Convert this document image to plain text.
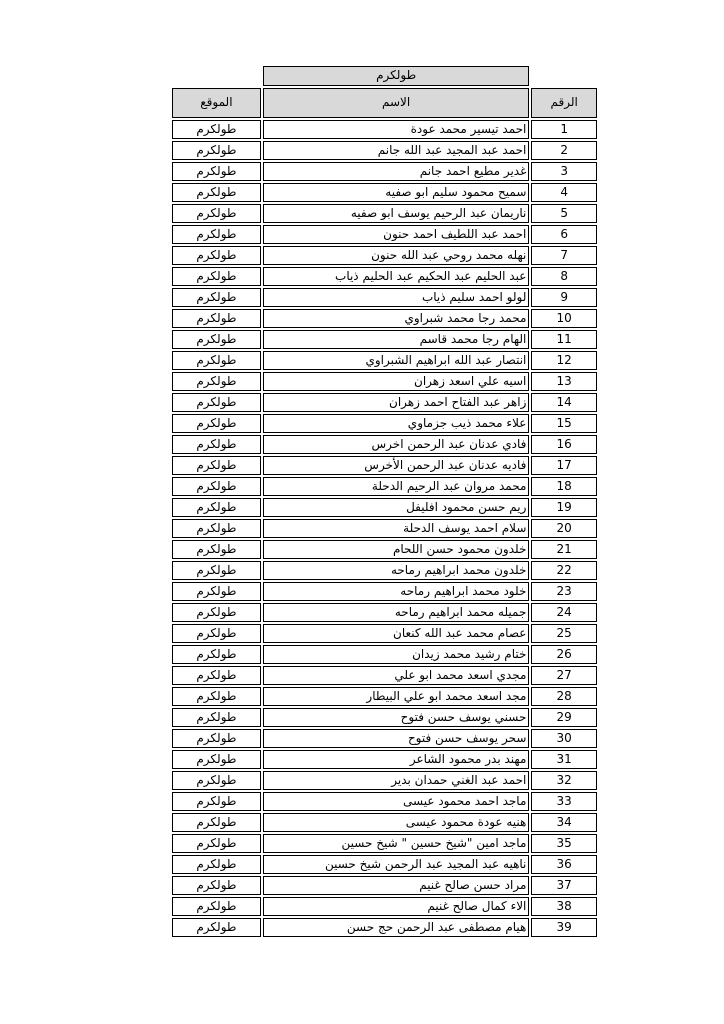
	طولكرم	
الرقم	الاسم	الموقع
1	احمد تيسير محمد عودة	طولكرم
2	احمد عبد المجيد عبد الله جانم	طولكرم
3	غدير مطيع احمد جانم	طولكرم
4	سميح محمود سليم ابو صفيه	طولكرم
5	ناريمان عبد الرحيم يوسف ابو صفيه	طولكرم
6	احمد عبد اللطيف احمد حنون	طولكرم
7	نهله محمد روحي عبد الله حنون	طولكرم
8	عبد الحليم عبد الحكيم عبد الحليم ذياب	طولكرم
9	لولو احمد سليم ذياب	طولكرم
10	محمد رجا محمد شبراوي	طولكرم
11	الهام رجا محمد قاسم	طولكرم
12	انتصار عبد الله ابراهيم الشبراوي	طولكرم
13	اسيه علي اسعد زهران	طولكرم
14	زاهر عبد الفتاح احمد زهران	طولكرم
15	علاء محمد ذيب جزماوي	طولكرم
16	فادي عدنان عبد الرحمن اخرس	طولكرم
17	فاديه عدنان عبد الرحمن الأخرس	طولكرم
18	محمد مروان عبد الرحيم الدحلة	طولكرم
19	ريم حسن محمود افليفل	طولكرم
20	سلام احمد يوسف الدحلة	طولكرم
21	خلدون محمود حسن اللحام	طولكرم
22	خلدون محمد ابراهيم رماحه	طولكرم
23	خلود محمد ابراهيم رماحه	طولكرم
24	جميله محمد ابراهيم رماحه	طولكرم
25	عصام محمد عبد الله كنعان	طولكرم
26	ختام رشيد محمد زيدان	طولكرم
27	مجدي اسعد محمد ابو علي	طولكرم
28	مجد اسعد محمد ابو علي البيطار	طولكرم
29	حسني يوسف حسن فتوح	طولكرم
30	سحر يوسف حسن فتوح	طولكرم
31	مهند بدر محمود الشاعر	طولكرم
32	احمد عبد الغني حمدان بدير	طولكرم
33	ماجد احمد محمود عيسى	طولكرم
34	هنيه عودة محمود عيسى	طولكرم
35	ماجد امين "شيخ حسين " شيخ حسين	طولكرم
36	ناهيه عبد المجيد عبد الرحمن شيخ حسين	طولكرم
37	مراد حسن صالح غنيم	طولكرم
38	الاء كمال صالح غنيم	طولكرم
39	هيام مصطفى عبد الرحمن حج حسن	طولكرم
